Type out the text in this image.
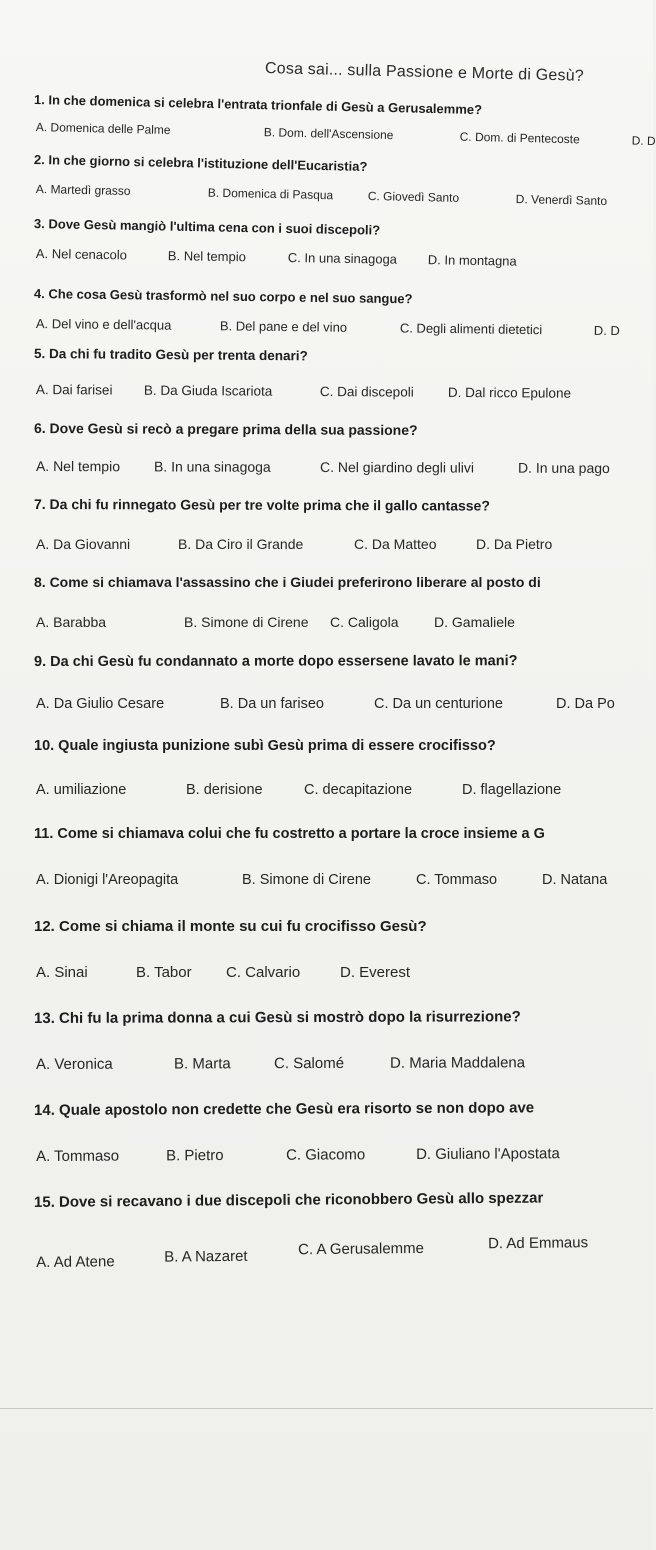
Cosa sai... sulla Passione e Morte di Gesù?
1. In che domenica si celebra l'entrata trionfale di Gesù a Gerusalemme?
A. Domenica delle Palme	B. Dom. dell'Ascensione	C. Dom. di Pentecoste	D. D
2. In che giorno si celebra l'istituzione dell'Eucaristia?
A. Martedì grasso	B. Domenica di Pasqua	C. Giovedì Santo	D. Venerdì Santo
3. Dove Gesù mangiò l'ultima cena con i suoi discepoli?
A. Nel cenacolo	B. Nel tempio	C. In una sinagoga D. In montagna
4. Che cosa Gesù trasformò nel suo corpo e nel suo sangue?
A. Del vino e dell'acqua	B. Del pane e del vino	C. Degli alimenti dietetici	D. D
5. Da chi fu tradito Gesù per trenta denari?
A. Dai farisei B. Da Giuda Iscariota	C. Dai discepoli	D. Dal ricco Epulone
6. Dove Gesù si recò a pregare prima della sua passione?
A. Nel tempio B. In una sinagoga	C. Nel giardino degli ulivi	D. In una pago
7. Da chi fu rinnegato Gesù per tre volte prima che il gallo cantasse?
A. Da Giovanni	B. Da Ciro il Grande	C. Da Matteo	D. Da Pietro
8. Come si chiamava l'assassino che i Giudei preferirono liberare al posto di
A. Barabba	B. Simone di Cirene C. Caligola	D. Gamaliele
9. Da chi Gesù fu condannato a morte dopo essersene lavato le mani?
A. Da Giulio Cesare	B. Da un fariseo	C. Da un centurione	D. Da Po
10. Quale ingiusta punizione subì Gesù prima di essere crocifisso?
A. umiliazione	B. derisione	C. decapitazione	D. flagellazione
11. Come si chiamava colui che fu costretto a portare la croce insieme a G
A. Dionigi l'Areopagita	B. Simone di Cirene	C. Tommaso	D. Natana
12. Come si chiama il monte su cui fu crocifisso Gesù?
A. Sinai	B. Tabor C. Calvario	D. Everest
13. Chi fu la prima donna a cui Gesù si mostrò dopo la risurrezione?
A. Veronica	B. Marta	C. Salomé	D. Maria Maddalena
14. Quale apostolo non credette che Gesù era risorto se non dopo ave
A. Tommaso	B. Pietro	C. Giacomo	D. Giuliano l'Apostata
15. Dove si recavano i due discepoli che riconobbero Gesù allo spezzar
A. Ad Atene	B. A Nazaret	C. A Gerusalemme	D. Ad Emmaus
